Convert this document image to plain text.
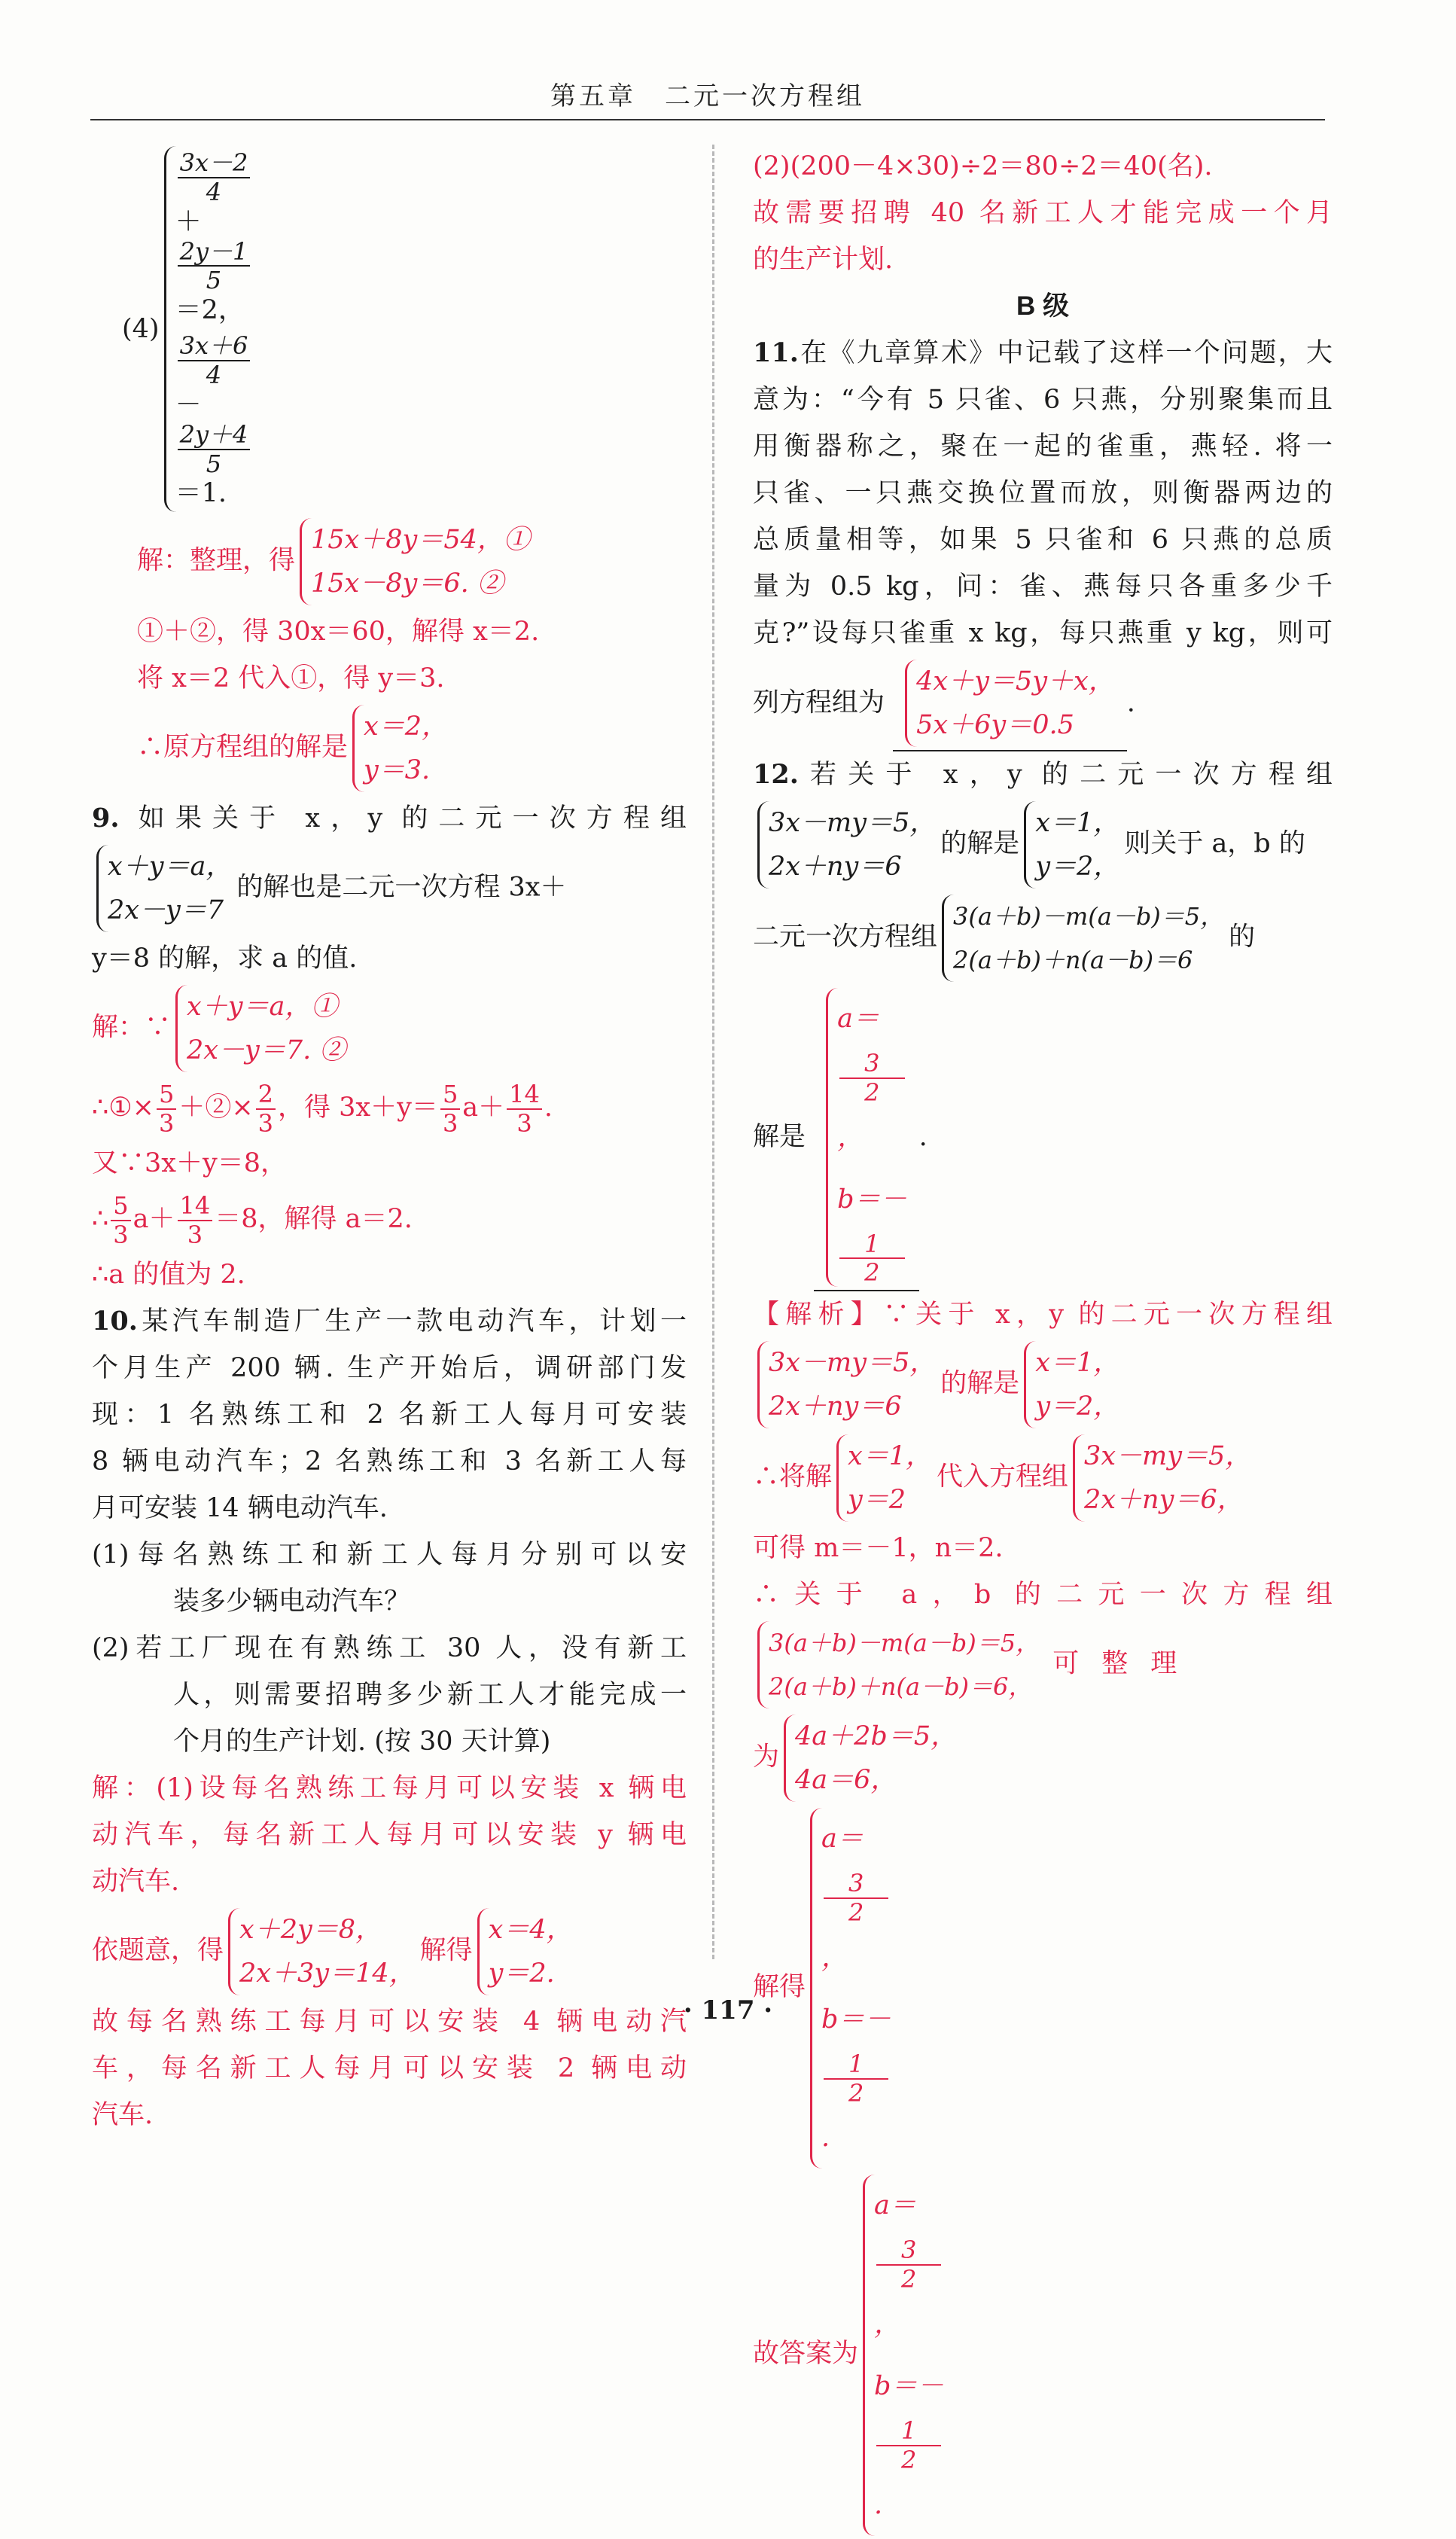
第五章　二元一次方程组
(4)
3x－2
4
＋
2y－1
5
＝2，
3x＋6
4
－
2y＋4
5
＝1.

解：整理，得
15x＋8y＝54，①
15x－8y＝6. ②

①＋②，得 30x＝60，解得 x＝2.

将 x＝2 代入①，得 y＝3.

∴原方程组的解是
x＝2，
y＝3.

9. 如果关于 x，y 的二元一次方程组

x＋y＝a，
2x－y＝7
的解也是二元一次方程 3x＋

y＝8 的解，求 a 的值.

解：∵
x＋y＝a，①
2x－y＝7. ②

∴①× $\frac{5}{3}$ ＋②× $\frac{2}{3}$ ，得 $3x+y= \frac{5}{3} a+ \frac{14}{3}$ .

又∵3x＋y＝8，

∴ $\frac{5}{3} a+ \frac{14}{3} =8$，解得 a＝2.

∴a 的值为 2.

10.某汽车制造厂生产一款电动汽车，计划一

个月生产 200 辆. 生产开始后，调研部门发

现：1 名熟练工和 2 名新工人每月可安装

8 辆电动汽车；2 名熟练工和 3 名新工人每

月可安装 14 辆电动汽车.

(1)每名熟练工和新工人每月分别可以安

装多少辆电动汽车？

(2)若工厂现在有熟练工 30 人，没有新工

人，则需要招聘多少新工人才能完成一

个月的生产计划. (按 30 天计算)

解：(1)设每名熟练工每月可以安装 x 辆电

动汽车，每名新工人每月可以安装 y 辆电

动汽车.

依题意，得
x＋2y＝8，
2x＋3y＝14，
解得
x＝4，
y＝2.

故每名熟练工每月可以安装 4 辆电动汽

车，每名新工人每月可以安装 2 辆电动

汽车.

(2)(200－4×30)÷2＝80÷2＝40(名).

故需要招聘 40 名新工人才能完成一个月

的生产计划.

B 级

11.在《九章算术》中记载了这样一个问题，大

意为：“今有 5 只雀、6 只燕，分别聚集而且

用衡器称之，聚在一起的雀重，燕轻. 将一

只雀、一只燕交换位置而放，则衡器两边的

总质量相等，如果 5 只雀和 6 只燕的总质

量为 0.5 kg，问：雀、燕每只各重多少千

克?”设每只雀重 x kg，每只燕重 y kg，则可

列方程组为
4x＋y＝5y＋x，
5x＋6y＝0.5
.

12.若关于 x，y 的二元一次方程组

3x－my＝5，
2x＋ny＝6
的解是
x＝1，
y＝2，
则关于 a，b 的

二元一次方程组
3(a＋b)－m(a－b)＝5，
2(a＋b)＋n(a－b)＝6
的

解是
a＝
3
2
，
b＝－
1
2
.

【解析】∵关于 x，y 的二元一次方程组

3x－my＝5，
2x＋ny＝6
的解是
x＝1，
y＝2，

∴将解
x＝1，
y＝2
代入方程组
3x－my＝5，
2x＋ny＝6，

可得 m＝－1，n＝2.

∴关于 a，b 的二元一次方程组

3(a＋b)－m(a－b)＝5，
2(a＋b)＋n(a－b)＝6，
可整理

为
4a＋2b＝5，
4a＝6，

解得
a＝
3
2
，
b＝－
1
2
.

故答案为
a＝
3
2
，
b＝－
1
2
.

· 117 ·
